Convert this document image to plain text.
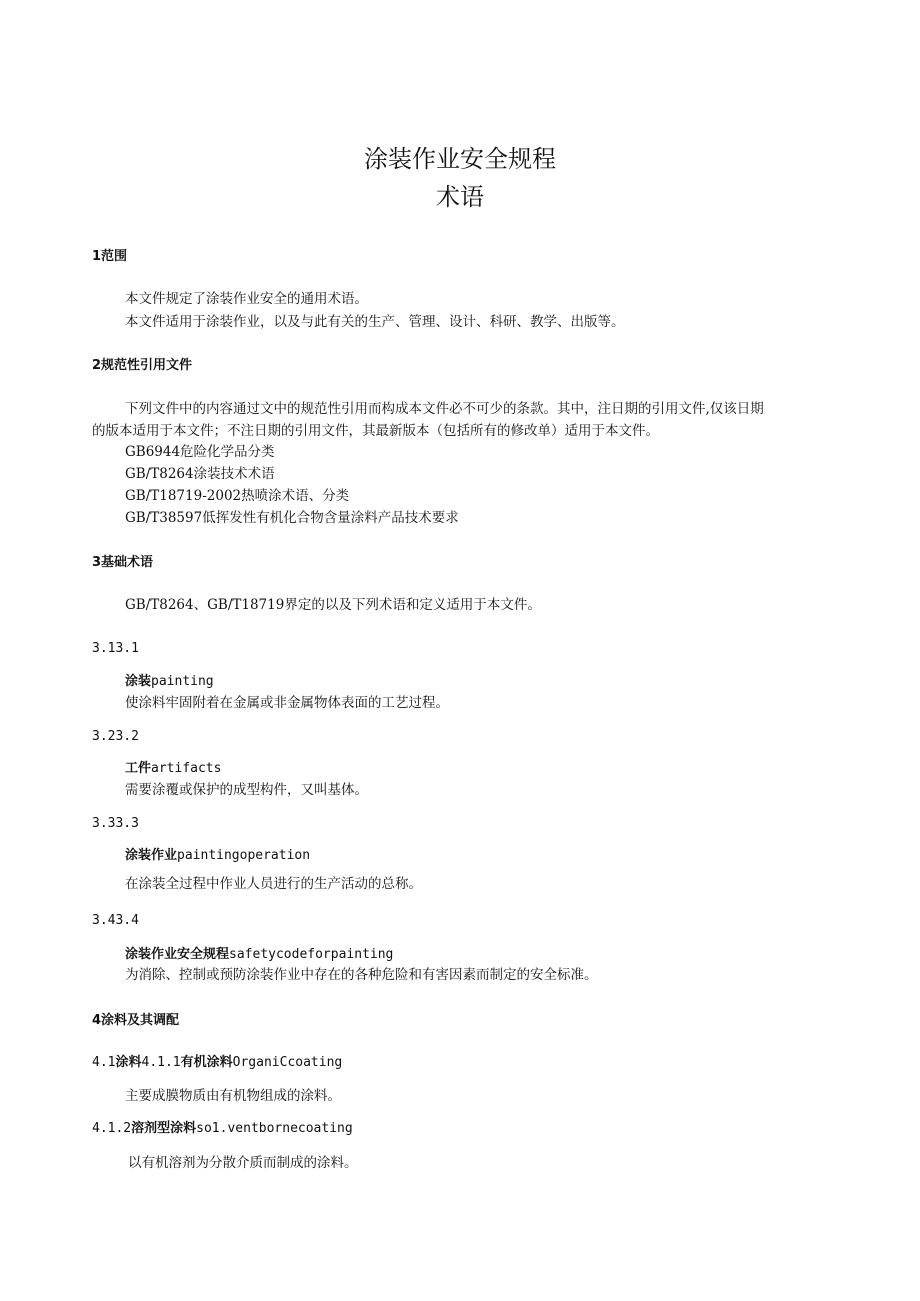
涂装作业安全规程
术语
1范围
本文件规定了涂装作业安全的通用术语。
本文件适用于涂装作业，以及与此有关的生产、管理、设计、科研、教学、出版等。
2规范性引用文件
下列文件中的内容通过文中的规范性引用而构成本文件必不可少的条款。其中，注日期的引用文件,仅该日期
的版本适用于本文件；不注日期的引用文件，其最新版本（包括所有的修改单）适用于本文件。
GB6944危险化学品分类
GB/T8264涂装技术术语
GB/T18719-2002热喷涂术语、分类
GB/T38597低挥发性有机化合物含量涂料产品技术要求
3基础术语
GB/T8264、GB/T18719界定的以及下列术语和定义适用于本文件。
3.13.1
涂装painting
使涂料牢固附着在金属或非金属物体表面的工艺过程。
3.23.2
工件artifacts
需要涂覆或保护的成型构件，又叫基体。
3.33.3
涂装作业paintingoperation
在涂装全过程中作业人员进行的生产活动的总称。
3.43.4
涂装作业安全规程safetycodeforpainting
为消除、控制或预防涂装作业中存在的各种危险和有害因素而制定的安全标准。
4涂料及其调配
4.1涂料4.1.1有机涂料OrganiCcoating
主要成膜物质由有机物组成的涂料。
4.1.2溶剂型涂料so1.ventbornecoating
以有机溶剂为分散介质而制成的涂料。
